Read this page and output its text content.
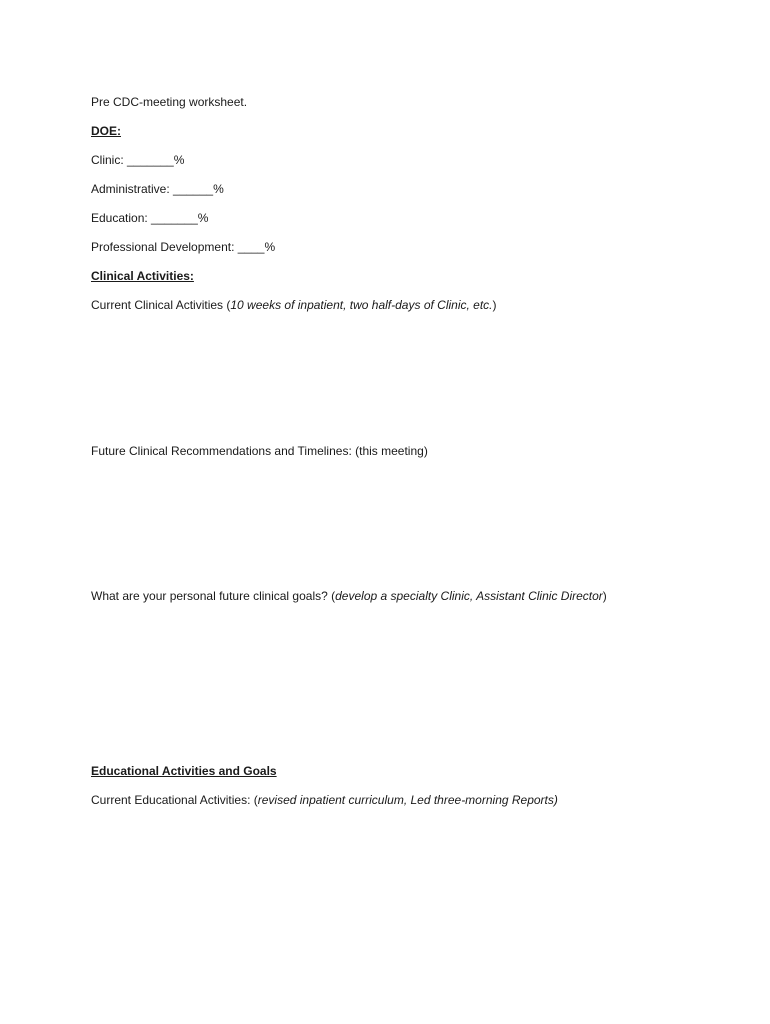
Pre CDC-meeting worksheet.
DOE:
Clinic: _______%
Administrative: ______%
Education: _______%
Professional Development: ____%
Clinical Activities:
Current Clinical Activities (10 weeks of inpatient, two half-days of Clinic, etc.)
Future Clinical Recommendations and Timelines: (this meeting)
What are your personal future clinical goals? (develop a specialty Clinic, Assistant Clinic Director)
Educational Activities and Goals
Current Educational Activities: (revised inpatient curriculum, Led three-morning Reports)
